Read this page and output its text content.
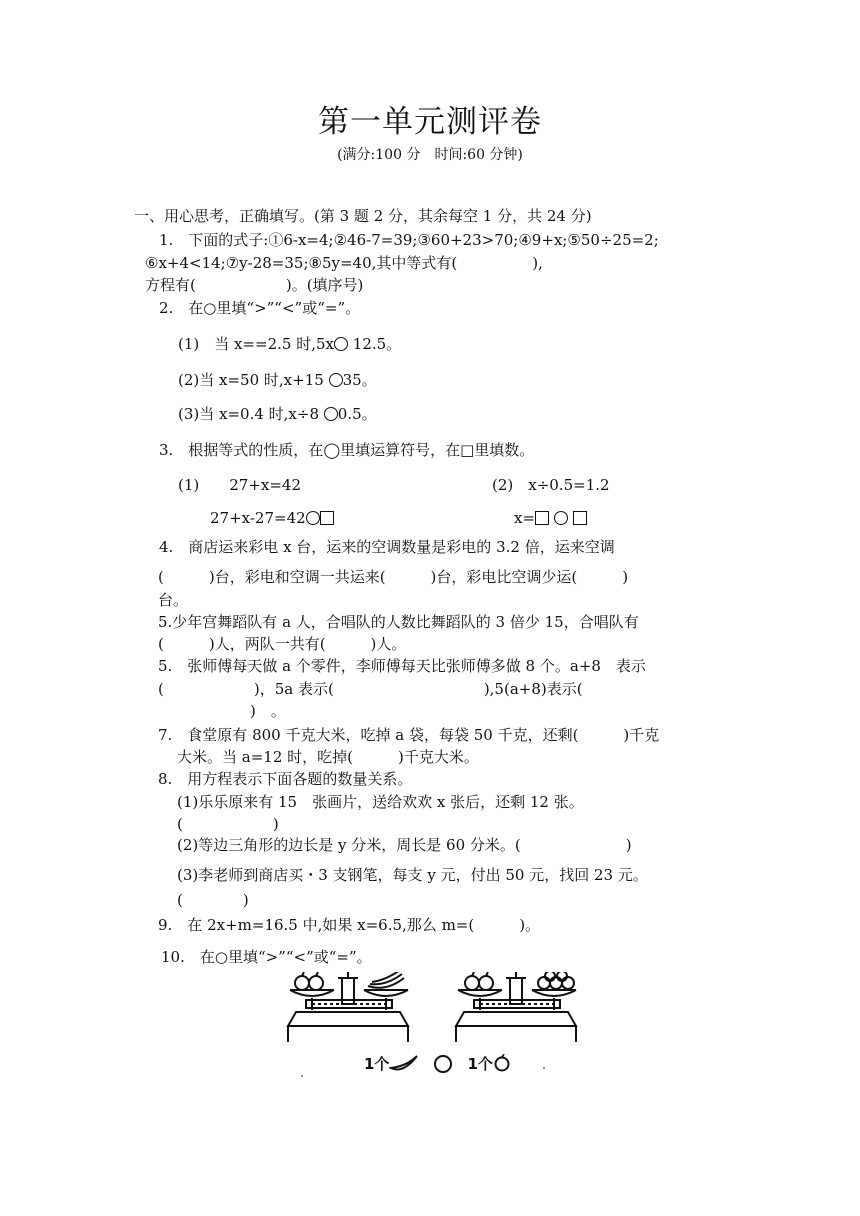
第一单元测评卷
(满分:100 分　时间:60 分钟)
一、用心思考，正确填写。(第 3 题 2 分，其余每空 1 分，共 24 分)
1.　下面的式子:①6-x=4;②46-7=39;③60+23>70;④9+x;⑤50÷25=2;
⑥x+4<14;⑦y-28=35;⑧5y=40,其中等式有(　　　　　),
方程有(　　　　　　)。(填序号)
2.　在○里填“>”“<”或“=”。
(1)　当 x==2.5 时,5x 12.5。
(2)当 x=50 时,x+15 35。
(3)当 x=0.4 时,x÷8 0.5。
3.　根据等式的性质，在◯里填运算符号，在□里填数。
(1)　　27+x=42	(2)　x÷0.5=1.2
27+x-27=42	x=
4.　商店运来彩电 x 台，运来的空调数量是彩电的 3.2 倍，运来空调
(　　　)台，彩电和空调一共运来(　　　)台，彩电比空调少运(　　　)
台。
5.少年宫舞蹈队有 a 人，合唱队的人数比舞蹈队的 3 倍少 15，合唱队有
(　　　)人，两队一共有(　　　)人。
5.　张师傅每天做 a 个零件，李师傅每天比张师傅多做 8 个。a+8　表示
(　　　　　　)，5a 表示(　　　　　　　　　　),5(a+8)表示(
　)　。
7.　食堂原有 800 千克大米，吃掉 a 袋，每袋 50 千克，还剩(　　　)千克
大米。当 a=12 时，吃掉(　　　)千克大米。
8.　用方程表示下面各题的数量关系。
(1)乐乐原来有 15　张画片，送给欢欢 x 张后，还剩 12 张。
(　　　　　　)
(2)等边三角形的边长是 y 分米，周长是 60 分米。(　　　　　　　)
(3)李老师到商店买・3 支钢笔，每支 y 元，付出 50 元，找回 23 元。
(　　　　)
9.　在 2x+m=16.5 中,如果 x=6.5,那么 m=(　　　)。
10.　在○里填“>”“<”或“=”。
1个　　	1个
